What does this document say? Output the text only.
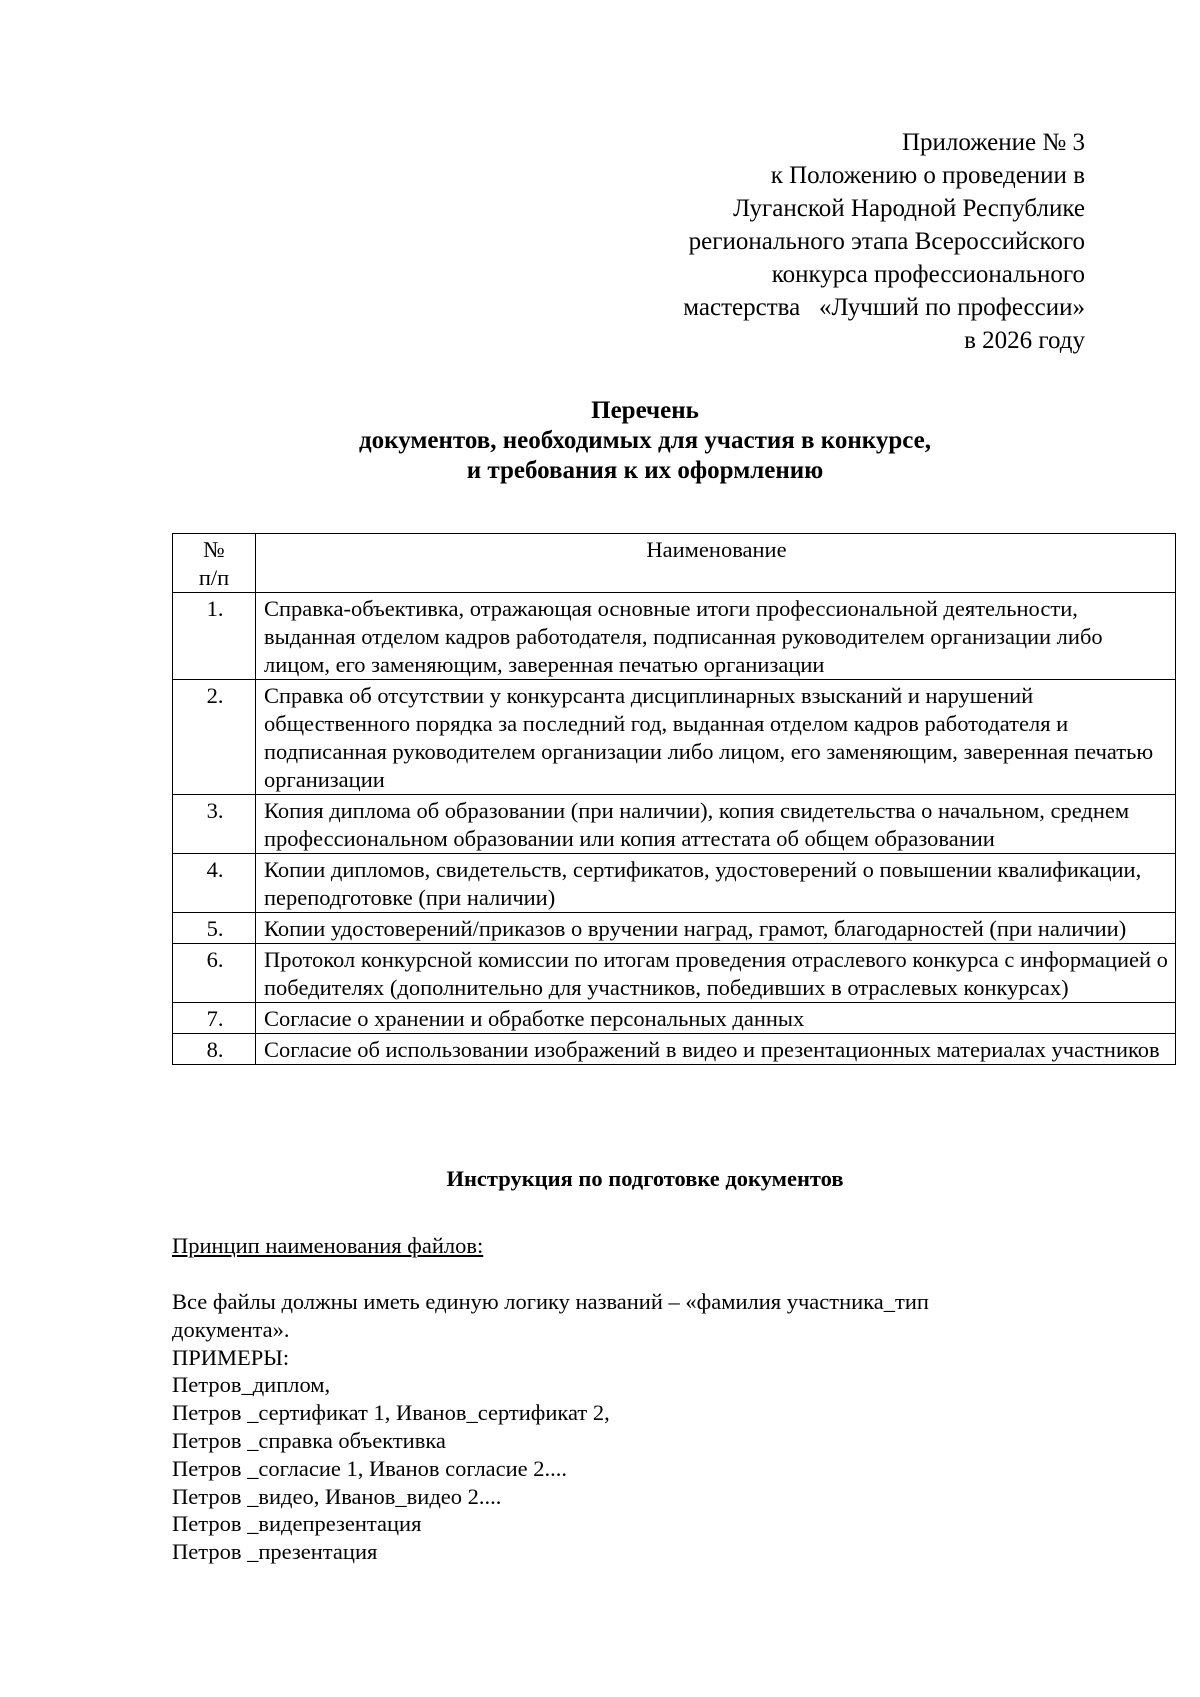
Приложение № 3
к Положению о проведении в
Луганской Народной Республике
регионального этапа Всероссийского
конкурса профессионального
мастерства   «Лучший по профессии»
в 2026 году
Перечень
документов, необходимых для участия в конкурсе,
и требования к их оформлению
№
п/п	Наименование
1.	Справка-объективка, отражающая основные итоги профессиональной деятельности, выданная отделом кадров работодателя, подписанная руководителем организации либо лицом, его заменяющим, заверенная печатью организации
2.	Справка об отсутствии у конкурсанта дисциплинарных взысканий и нарушений общественного порядка за последний год, выданная отделом кадров работодателя и подписанная руководителем организации либо лицом, его заменяющим, заверенная печатью организации
3.	Копия диплома об образовании (при наличии), копия свидетельства о начальном, среднем профессиональном образовании или копия аттестата об общем образовании
4.	Копии дипломов, свидетельств, сертификатов, удостоверений о повышении квалификации, переподготовке (при наличии)
5.	Копии удостоверений/приказов о вручении наград, грамот, благодарностей (при наличии)
6.	Протокол конкурсной комиссии по итогам проведения отраслевого конкурса с информацией о победителях (дополнительно для участников, победивших в отраслевых конкурсах)
7.	Согласие о хранении и обработке персональных данных
8.	Согласие об использовании изображений в видео и презентационных материалах участников
Инструкция по подготовке документов
Принцип наименования файлов:
Все файлы должны иметь единую логику названий – «фамилия участника_тип
документа».
ПРИМЕРЫ:
Петров_диплом,
Петров _сертификат 1, Иванов_сертификат 2,
Петров _справка объективка
Петров _согласие 1, Иванов согласие 2....
Петров _видео, Иванов_видео 2....
Петров _видепрезентация
Петров _презентация
